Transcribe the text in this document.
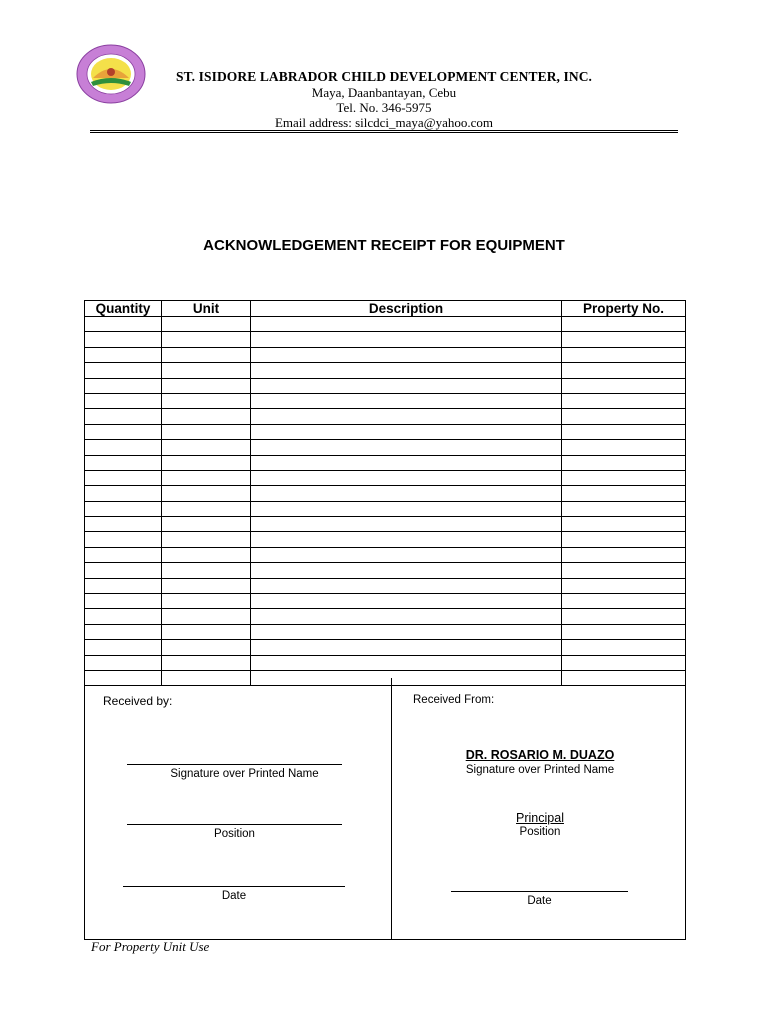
ST. ISIDORE LABRADOR CHILD DEVELOPMENT CENTER, INC.
Maya, Daanbantayan, Cebu
Tel. No. 346-5975
Email address: silcdci_maya@yahoo.com
ACKNOWLEDGEMENT RECEIPT FOR EQUIPMENT
Quantity	Unit	Description	Property No.

Received by:
Signature over Printed Name
Position
Date
Received From:
DR. ROSARIO M. DUAZO
Signature over Printed Name
Principal
Position
Date
For Property Unit Use
